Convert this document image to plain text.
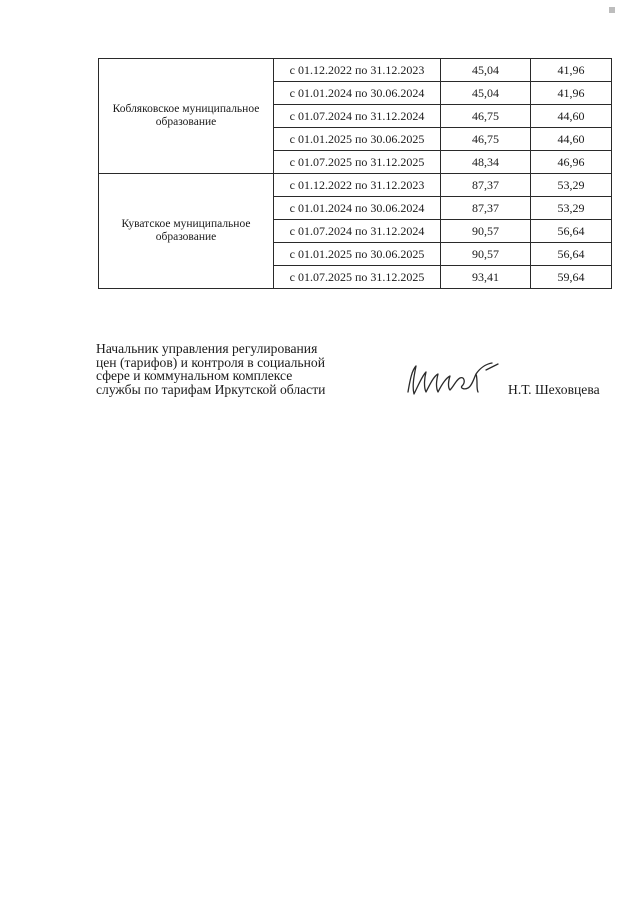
Кобляковское муниципальное
образование	с 01.12.2022 по 31.12.2023	45,04	41,96
	с 01.01.2024 по 30.06.2024	45,04	41,96
	с 01.07.2024 по 31.12.2024	46,75	44,60
	с 01.01.2025 по 30.06.2025	46,75	44,60
	с 01.07.2025 по 31.12.2025	48,34	46,96

Куватское муниципальное
образование	с 01.12.2022 по 31.12.2023	87,37	53,29
	с 01.01.2024 по 30.06.2024	87,37	53,29
	с 01.07.2024 по 31.12.2024	90,57	56,64
	с 01.01.2025 по 30.06.2025	90,57	56,64
	с 01.07.2025 по 31.12.2025	93,41	59,64
Начальник управления регулирования
цен (тарифов) и контроля в социальной
сфере и коммунальном комплексе
службы по тарифам Иркутской области	Н.Т. Шеховцева
